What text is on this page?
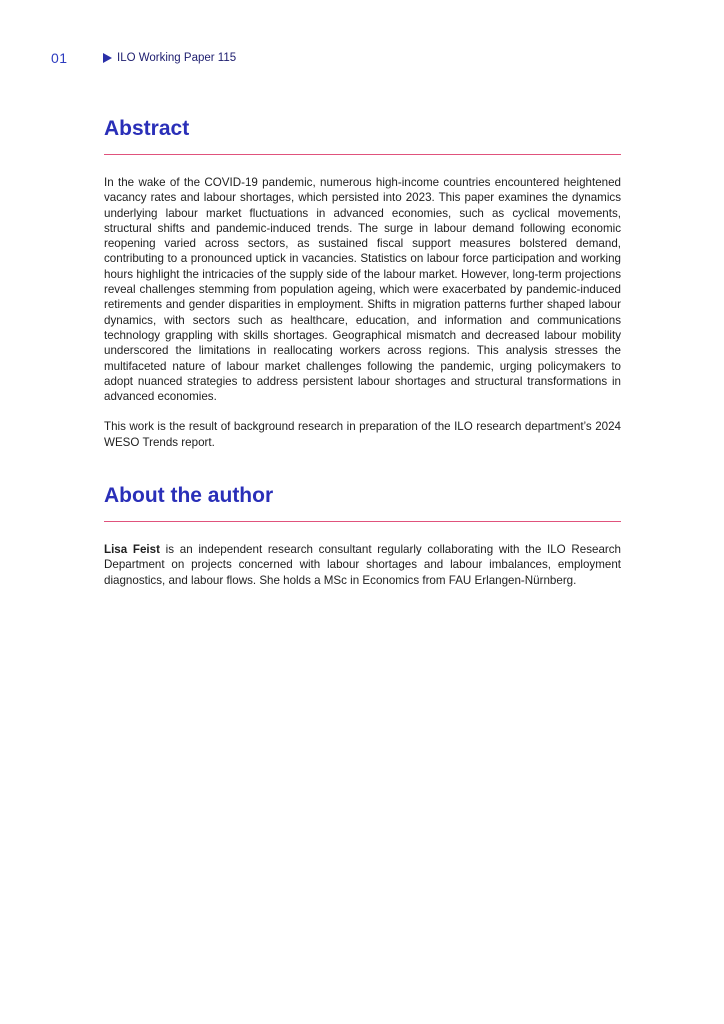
01	ILO Working Paper 115
Abstract

In the wake of the COVID-19 pandemic, numerous high-income countries encountered heightened vacancy rates and labour shortages, which persisted into 2023. This paper examines the dynamics underlying labour market fluctuations in advanced economies, such as cyclical movements, structural shifts and pandemic-induced trends. The surge in labour demand following economic reopening varied across sectors, as sustained fiscal support measures bolstered demand, contributing to a pronounced uptick in vacancies. Statistics on labour force participation and working hours highlight the intricacies of the supply side of the labour market. However, long-term projections reveal challenges stemming from population ageing, which were exacerbated by pandemic-induced retirements and gender disparities in employment. Shifts in migration patterns further shaped labour dynamics, with sectors such as healthcare, education, and information and communications technology grappling with skills shortages. Geographical mismatch and decreased labour mobility underscored the limitations in reallocating workers across regions. This analysis stresses the multifaceted nature of labour market challenges following the pandemic, urging policymakers to adopt nuanced strategies to address persistent labour shortages and structural transformations in advanced economies.

This work is the result of background research in preparation of the ILO research department’s 2024 WESO Trends report.

About the author

Lisa Feist is an independent research consultant regularly collaborating with the ILO Research Department on projects concerned with labour shortages and labour imbalances, employment diagnostics, and labour flows. She holds a MSc in Economics from FAU Erlangen-Nürnberg.
